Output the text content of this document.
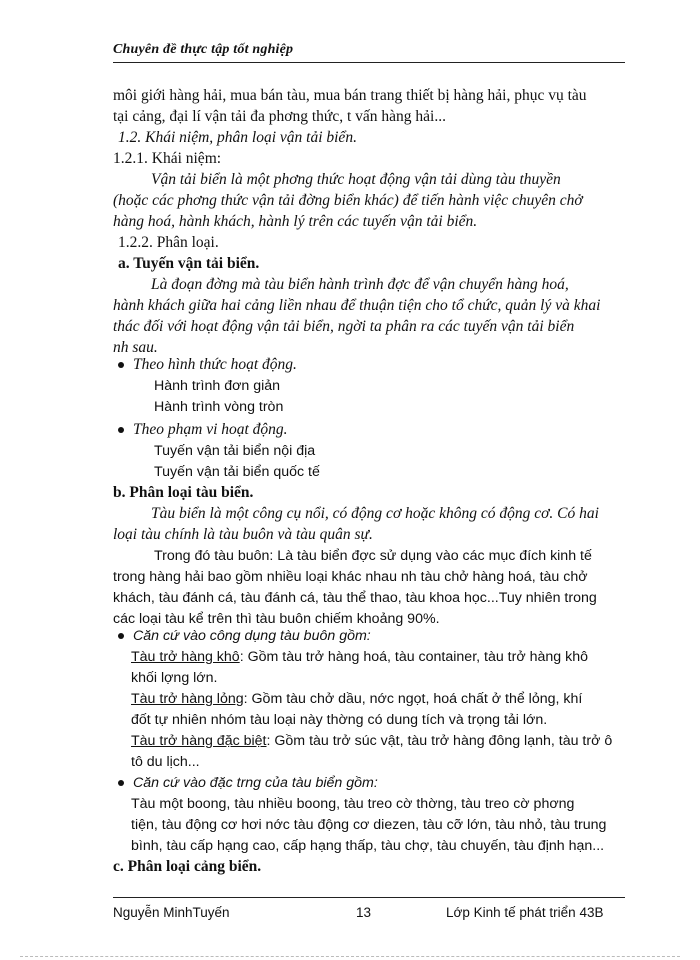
Chuyên đề thực tập tốt nghiệp
môi giới hàng hải, mua bán tàu, mua bán trang thiết bị hàng hải, phục vụ tàu
tại cảng, đại lí vận tải đa phơng thức, t vấn hàng hải...
1.2. Khái niệm, phân loại vận tải biển.
1.2.1. Khái niệm:
Vận tải biển là một phơng thức hoạt động vận tải dùng tàu thuyền
(hoặc các phơng thức vận tải đờng biển khác) để tiến hành việc chuyên chở
hàng hoá, hành khách, hành lý trên các tuyến vận tải biển.
1.2.2. Phân loại.
a. Tuyến vận tải biển.
Là đoạn đờng mà tàu biển hành trình đợc để vận chuyển hàng hoá,
hành khách giữa hai cảng liền nhau để thuận tiện cho tổ chức, quản lý và khai
thác đối với hoạt động vận tải biển, ngời ta phân ra các tuyến vận tải biển
nh sau.
Theo hình thức hoạt động.
Hành trình đơn giản
Hành trình vòng tròn
Theo phạm vi hoạt động.
Tuyến vận tải biển nội địa
Tuyến vận tải biển quốc tế
b. Phân loại tàu biển.
Tàu biển là một công cụ nổi, có động cơ hoặc không có động cơ. Có hai
loại tàu chính là tàu buôn và tàu quân sự.
Trong đó tàu buôn: Là tàu biển đợc sử dụng vào các mục đích kinh tế
trong hàng hải bao gồm nhiều loại khác nhau nh tàu chở hàng hoá, tàu chở
khách, tàu đánh cá, tàu đánh cá, tàu thể thao, tàu khoa học...Tuy nhiên trong
các loại tàu kể trên thì tàu buôn chiếm khoảng 90%.
Căn cứ vào công dụng tàu buôn gồm:
Tàu trở hàng khô: Gồm tàu trở hàng hoá, tàu container, tàu trở hàng khô
khối lợng lớn.
Tàu trở hàng lỏng: Gồm tàu chở dầu, nớc ngọt, hoá chất ở thể lỏng, khí
đốt tự nhiên nhóm tàu loại này thờng có dung tích và trọng tải lớn.
Tàu trở hàng đặc biệt: Gồm tàu trở súc vật, tàu trở hàng đông lạnh, tàu trở ô
tô du lịch...
Căn cứ vào đặc trng của tàu biển gồm:
Tàu một boong, tàu nhiều boong, tàu treo cờ thờng, tàu treo cờ phơng
tiện, tàu động cơ hơi nớc tàu động cơ diezen, tàu cỡ lớn, tàu nhỏ, tàu trung
bình, tàu cấp hạng cao, cấp hạng thấp, tàu chợ, tàu chuyến, tàu định hạn...
c. Phân loại cảng biển.
Nguyễn MinhTuyến	13	Lớp Kinh tế phát triển 43B
